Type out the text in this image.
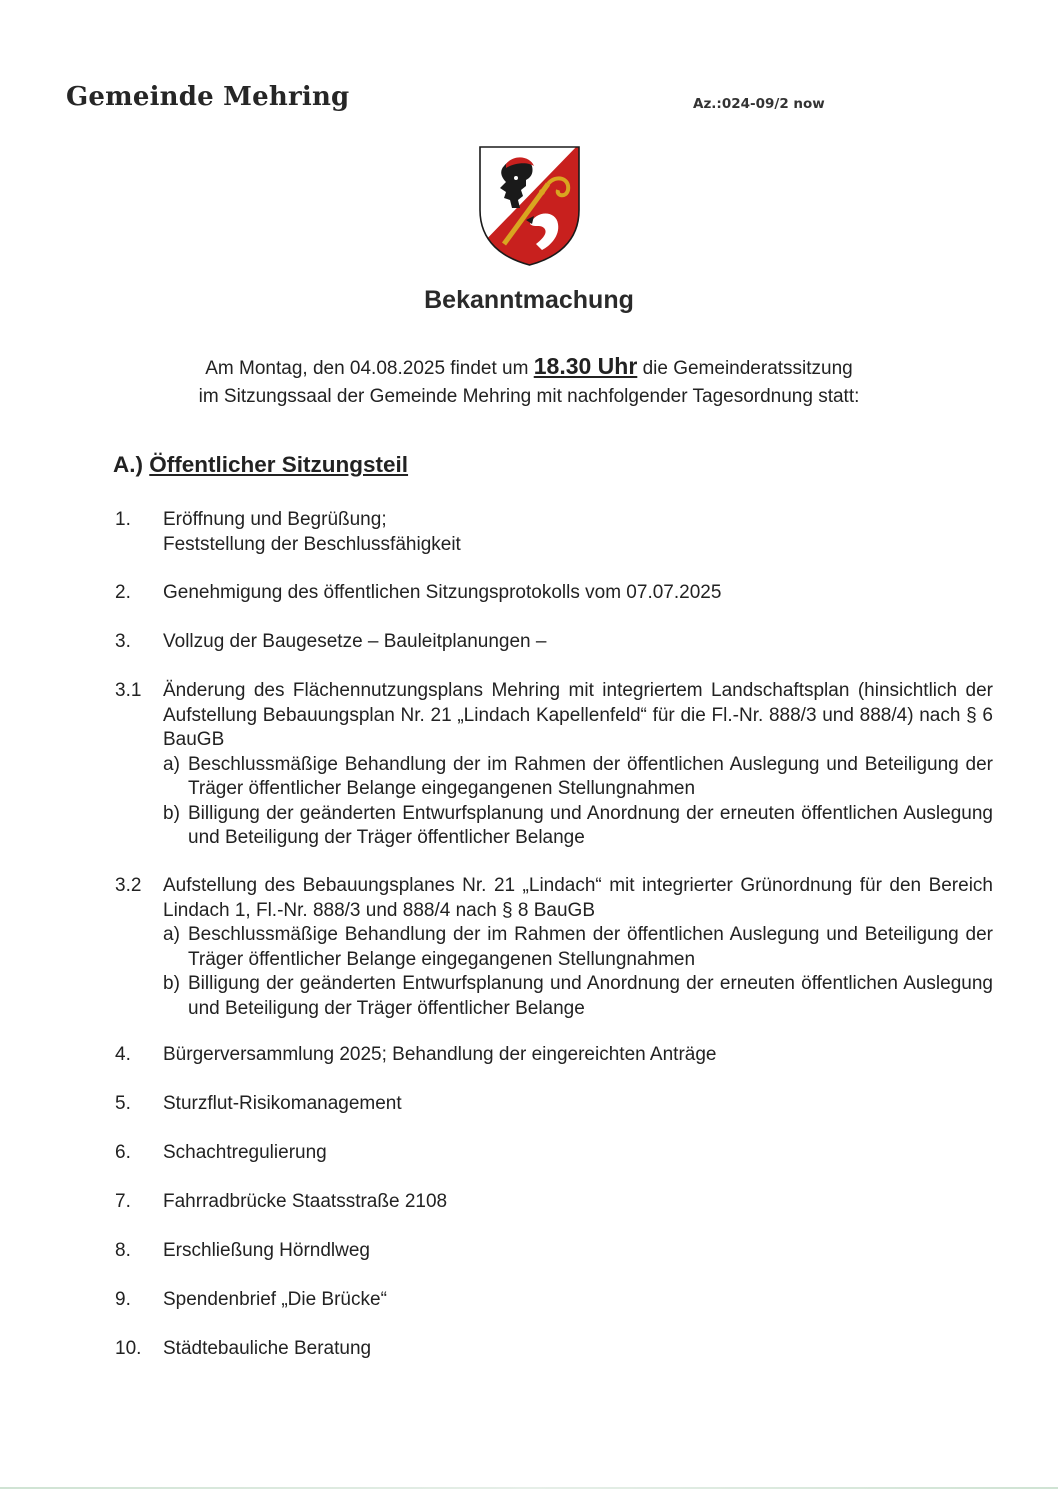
Gemeinde Mehring	Az.:024-09/2 now
Bekanntmachung
Am Montag, den 04.08.2025 findet um 18.30 Uhr die Gemeinderatssitzung
im Sitzungssaal der Gemeinde Mehring mit nachfolgender Tagesordnung statt:
A.) Öffentlicher Sitzungsteil
1. Eröffnung und Begrüßung;
Feststellung der Beschlussfähigkeit
2. Genehmigung des öffentlichen Sitzungsprotokolls vom 07.07.2025
3. Vollzug der Baugesetze – Bauleitplanungen –
3.1 Änderung des Flächennutzungsplans Mehring mit integriertem Landschaftsplan (hinsichtlich der Aufstellung Bebauungsplan Nr. 21 „Lindach Kapellenfeld“ für die Fl.-Nr. 888/3 und 888/4) nach § 6 BauGB
a) Beschlussmäßige Behandlung der im Rahmen der öffentlichen Auslegung und Beteiligung der Träger öffentlicher Belange eingegangenen Stellungnahmen
b) Billigung der geänderten Entwurfsplanung und Anordnung der erneuten öffentlichen Auslegung und Beteiligung der Träger öffentlicher Belange
3.2 Aufstellung des Bebauungsplanes Nr. 21 „Lindach“ mit integrierter Grünordnung für den Bereich Lindach 1, Fl.-Nr. 888/3 und 888/4 nach § 8 BauGB
a) Beschlussmäßige Behandlung der im Rahmen der öffentlichen Auslegung und Beteiligung der Träger öffentlicher Belange eingegangenen Stellungnahmen
b) Billigung der geänderten Entwurfsplanung und Anordnung der erneuten öffentlichen Auslegung und Beteiligung der Träger öffentlicher Belange
4. Bürgerversammlung 2025; Behandlung der eingereichten Anträge
5. Sturzflut-Risikomanagement
6. Schachtregulierung
7. Fahrradbrücke Staatsstraße 2108
8. Erschließung Hörndlweg
9. Spendenbrief „Die Brücke“
10. Städtebauliche Beratung
